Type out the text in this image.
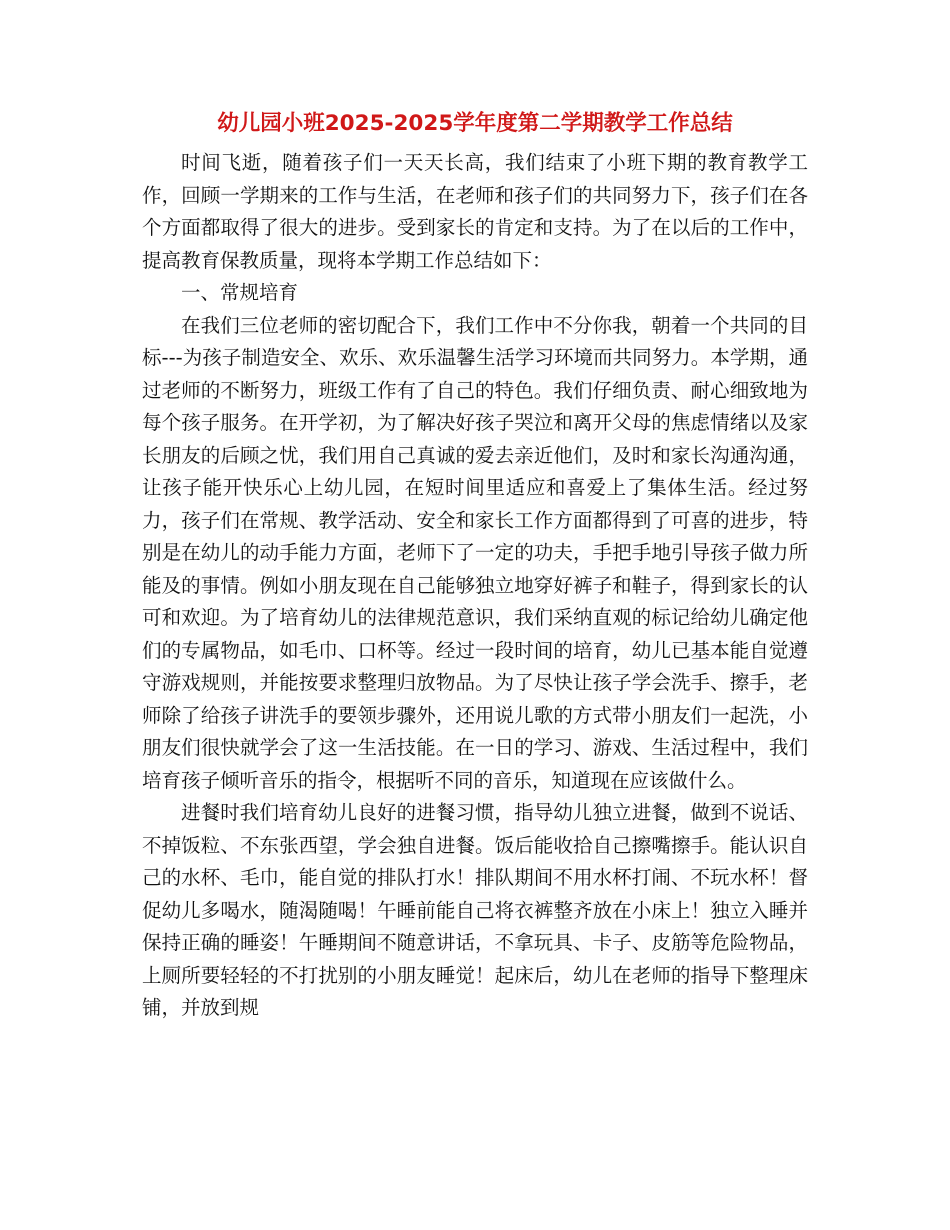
幼儿园小班2025-2025学年度第二学期教学工作总结

时间飞逝，随着孩子们一天天长高，我们结束了小班下期的教育教学工作，回顾一学期来的工作与生活，在老师和孩子们的共同努力下，孩子们在各个方面都取得了很大的进步。受到家长的肯定和支持。为了在以后的工作中，提高教育保教质量，现将本学期工作总结如下：

一、常规培育

在我们三位老师的密切配合下，我们工作中不分你我，朝着一个共同的目标---为孩子制造安全、欢乐、欢乐温馨生活学习环境而共同努力。本学期，通过老师的不断努力，班级工作有了自己的特色。我们仔细负责、耐心细致地为每个孩子服务。在开学初，为了解决好孩子哭泣和离开父母的焦虑情绪以及家长朋友的后顾之忧，我们用自己真诚的爱去亲近他们，及时和家长沟通沟通，让孩子能开快乐心上幼儿园，在短时间里适应和喜爱上了集体生活。经过努力，孩子们在常规、教学活动、安全和家长工作方面都得到了可喜的进步，特别是在幼儿的动手能力方面，老师下了一定的功夫，手把手地引导孩子做力所能及的事情。例如小朋友现在自己能够独立地穿好裤子和鞋子，得到家长的认可和欢迎。为了培育幼儿的法律规范意识，我们采纳直观的标记给幼儿确定他们的专属物品，如毛巾、口杯等。经过一段时间的培育，幼儿已基本能自觉遵守游戏规则，并能按要求整理归放物品。为了尽快让孩子学会洗手、擦手，老师除了给孩子讲洗手的要领步骤外，还用说儿歌的方式带小朋友们一起洗，小朋友们很快就学会了这一生活技能。在一日的学习、游戏、生活过程中，我们培育孩子倾听音乐的指令，根据听不同的音乐，知道现在应该做什么。

进餐时我们培育幼儿良好的进餐习惯，指导幼儿独立进餐，做到不说话、不掉饭粒、不东张西望，学会独自进餐。饭后能收拾自己擦嘴擦手。能认识自己的水杯、毛巾，能自觉的排队打水！排队期间不用水杯打闹、不玩水杯！督促幼儿多喝水，随渴随喝！午睡前能自己将衣裤整齐放在小床上！独立入睡并保持正确的睡姿！午睡期间不随意讲话，不拿玩具、卡子、皮筋等危险物品，上厕所要轻轻的不打扰别的小朋友睡觉！起床后，幼儿在老师的指导下整理床铺，并放到规
